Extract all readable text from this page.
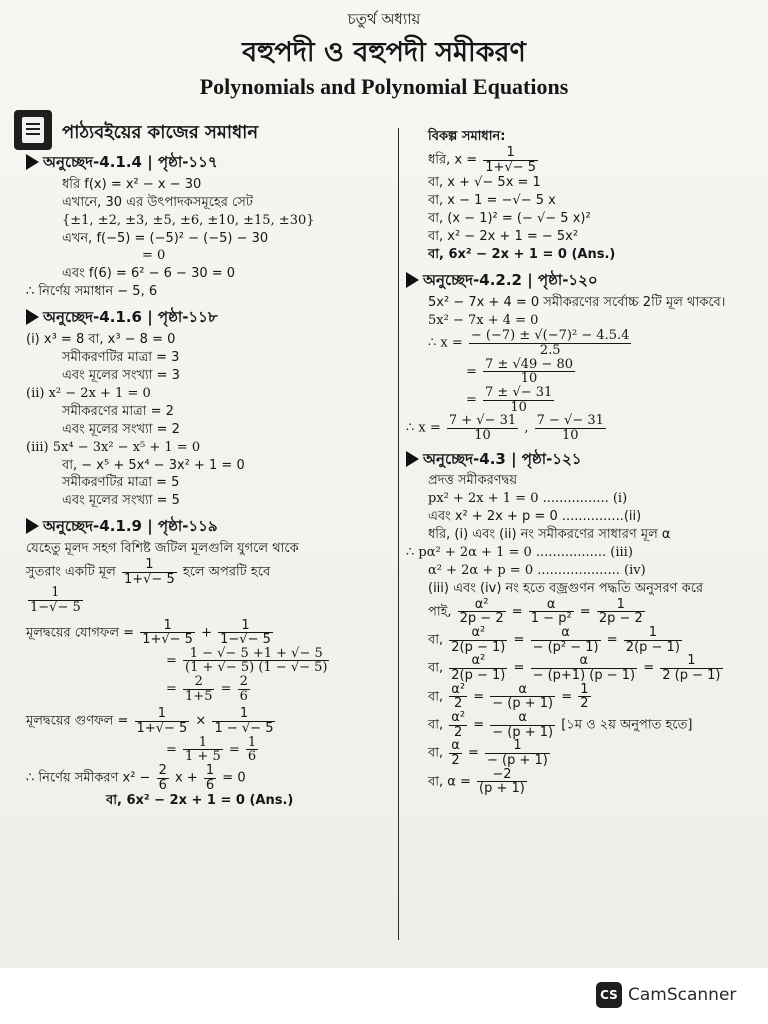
চতুর্থ অধ্যায়
বহুপদী ও বহুপদী সমীকরণ
Polynomials and Polynomial Equations
পাঠ্যবইয়ের কাজের সমাধান
অনুচ্ছেদ-4.1.4 | পৃষ্ঠা-১১৭
ধরি f(x) = x² − x − 30
এখানে, 30 এর উৎপাদকসমূহের সেট
{±1, ±2, ±3, ±5, ±6, ±10, ±15, ±30}
এখন, f(−5) = (−5)² − (−5) − 30
= 0
এবং f(6) = 6² − 6 − 30 = 0
∴ নির্ণেয় সমাধান − 5, 6
অনুচ্ছেদ-4.1.6 | পৃষ্ঠা-১১৮
(i) x³ = 8 বা, x³ − 8 = 0
সমীকরণটির মাত্রা = 3
এবং মূলের সংখ্যা = 3
(ii) x² − 2x + 1 = 0
সমীকরণের মাত্রা = 2
এবং মূলের সংখ্যা = 2
(iii) 5x⁴ − 3x² − x⁵ + 1 = 0
বা, − x⁵ + 5x⁴ − 3x² + 1 = 0
সমীকরণটির মাত্রা = 5
এবং মূলের সংখ্যা = 5
অনুচ্ছেদ-4.1.9 | পৃষ্ঠা-১১৯
যেহেতু মূলদ সহগ বিশিষ্ট জটিল মূলগুলি যুগলে থাকে
সুতরাং একটি মূল $\frac{1}{1+√- 5}$ হলে অপরটি হবে
$\frac{1}{1-√- 5}$
মূলদ্বয়ের যোগফল = $\frac{1}{1+√- 5} + \frac{1}{1-√- 5}$
= $\frac{1 - √- 5 +1 + √- 5}{(1 + √- 5) (1 - √- 5)}$
= $\frac{2}{1+5} = \frac{2}{6}$
মূলদ্বয়ের গুণফল = $\frac{1}{1+√- 5} \times \frac{1}{1 - √- 5}$
= $\frac{1}{1 + 5} = \frac{1}{6}$
∴ নির্ণেয় সমীকরণ $x^2 - \frac{2}{6}$ $x + \frac{1}{6} = 0$
বা, 6x² − 2x + 1 = 0 (Ans.)
বিকল্প সমাধান:
ধরি, $x = \frac{1}{1+√- 5}$
বা, x + √− 5x = 1
বা, x − 1 = −√− 5 x
বা, (x − 1)² = (− √− 5 x)²
বা, x² − 2x + 1 = − 5x²
বা, 6x² − 2x + 1 = 0 (Ans.)
অনুচ্ছেদ-4.2.2 | পৃষ্ঠা-১২০
5x² − 7x + 4 = 0 সমীকরণের সর্বোচ্চ 2টি মূল থাকবে।
5x² − 7x + 4 = 0
∴ $x = \frac{\text{− (−7) ± √(−7)² − 4.5.4}}{2.5}$
= $\frac{7 \pm √49 - 80}{10}$
= $\frac{7 \pm √- 31}{10}$
∴ $x = \frac{7 + √- 31}{10}$ , $\frac{7 - √- 31}{10}$
অনুচ্ছেদ-4.3 | পৃষ্ঠা-১২১
প্রদত্ত সমীকরণদ্বয়
px² + 2x + 1 = 0 ................ (i)
এবং x² + 2x + p = 0 ...............(ii)
ধরি, (i) এবং (ii) নং সমীকরণের সাধারণ মূল α
∴ pα² + 2α + 1 = 0 ................. (iii)
α² + 2α + p = 0 .................... (iv)
(iii) এবং (iv) নং হতে বজ্রগুণন পদ্ধতি অনুসরণ করে
পাই, $\frac{\text{α²}}{2p - 2} = \frac{\alpha}{\text{1 − p²}} = \frac{1}{2p - 2}$
বা, $\frac{\text{α²}}{2(p - 1)} = \frac{\alpha}{\text{− (p² − 1)}} = \frac{1}{2(p - 1)}$
বা, $\frac{\text{α²}}{2(p - 1)} = \frac{\alpha}{- (p+1) (p - 1)} = \frac{1}{2 (p - 1)}$
বা, $\frac{\text{α²}}{2} = \frac{\alpha}{- (p + 1)} = \frac{1}{2}$
বা, $\frac{\text{α²}}{2} = \frac{\alpha}{- (p + 1)}$ [১ম ও ২য় অনুপাত হতে]
বা, $\frac{\alpha}{2} = \frac{1}{- (p + 1)}$
বা, $\alpha = \frac{-2}{(p + 1)}$
CS CamScanner
